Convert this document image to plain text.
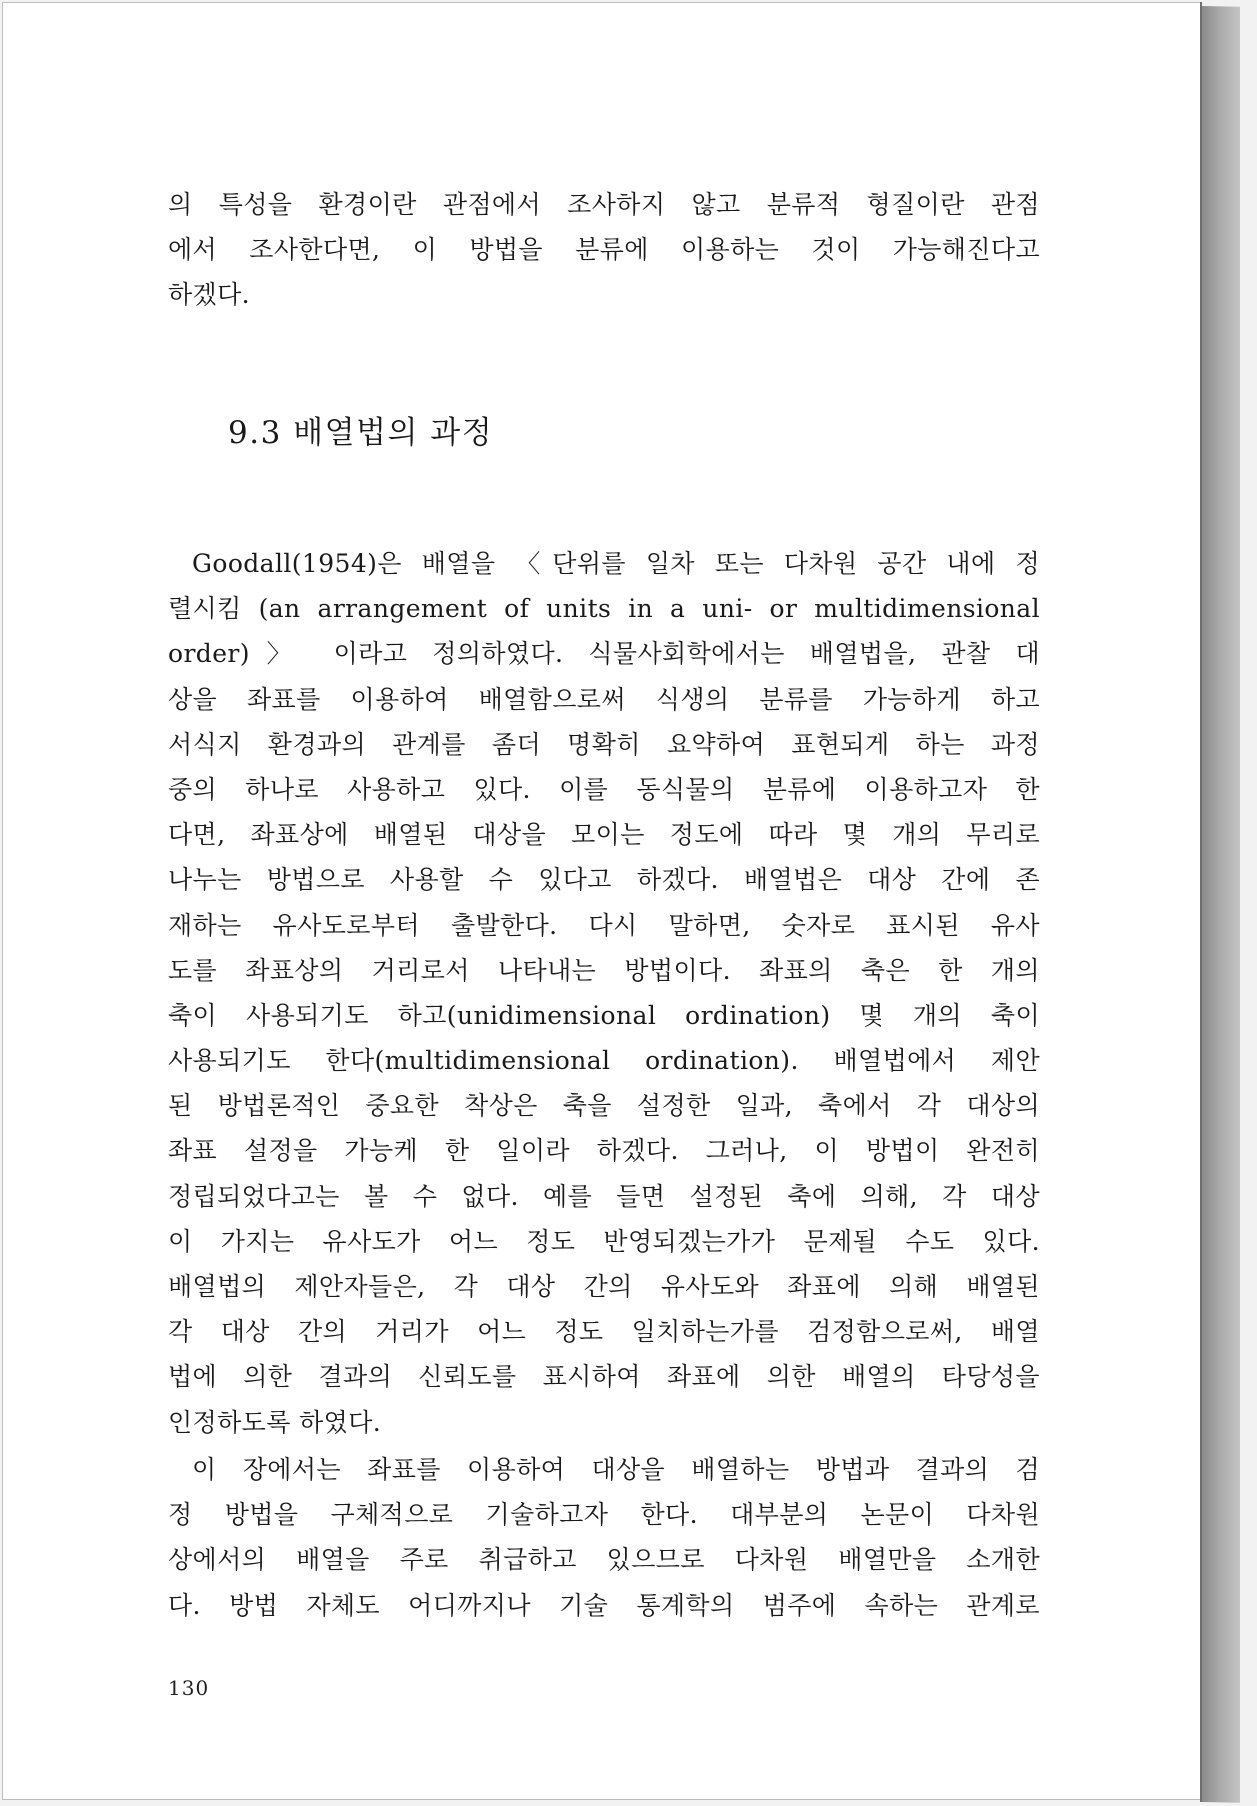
의 특성을 환경이란 관점에서 조사하지 않고 분류적 형질이란 관점
에서 조사한다면, 이 방법을 분류에 이용하는 것이 가능해진다고
하겠다.
9.3 배열법의 과정
Goodall(1954)은 배열을 〈단위를 일차 또는 다차원 공간 내에 정
렬시킴 (an arrangement of units in a uni- or multidimensional
order)〉 이라고 정의하였다. 식물사회학에서는 배열법을, 관찰 대
상을 좌표를 이용하여 배열함으로써 식생의 분류를 가능하게 하고
서식지 환경과의 관계를 좀더 명확히 요약하여 표현되게 하는 과정
중의 하나로 사용하고 있다. 이를 동식물의 분류에 이용하고자 한
다면, 좌표상에 배열된 대상을 모이는 정도에 따라 몇 개의 무리로
나누는 방법으로 사용할 수 있다고 하겠다. 배열법은 대상 간에 존
재하는 유사도로부터 출발한다. 다시 말하면, 숫자로 표시된 유사
도를 좌표상의 거리로서 나타내는 방법이다. 좌표의 축은 한 개의
축이 사용되기도 하고(unidimensional ordination) 몇 개의 축이
사용되기도 한다(multidimensional ordination). 배열법에서 제안
된 방법론적인 중요한 착상은 축을 설정한 일과, 축에서 각 대상의
좌표 설정을 가능케 한 일이라 하겠다. 그러나, 이 방법이 완전히
정립되었다고는 볼 수 없다. 예를 들면 설정된 축에 의해, 각 대상
이 가지는 유사도가 어느 정도 반영되겠는가가 문제될 수도 있다.
배열법의 제안자들은, 각 대상 간의 유사도와 좌표에 의해 배열된
각 대상 간의 거리가 어느 정도 일치하는가를 검정함으로써, 배열
법에 의한 결과의 신뢰도를 표시하여 좌표에 의한 배열의 타당성을
인정하도록 하였다.
이 장에서는 좌표를 이용하여 대상을 배열하는 방법과 결과의 검
정 방법을 구체적으로 기술하고자 한다. 대부분의 논문이 다차원
상에서의 배열을 주로 취급하고 있으므로 다차원 배열만을 소개한
다. 방법 자체도 어디까지나 기술 통계학의 범주에 속하는 관계로
130
